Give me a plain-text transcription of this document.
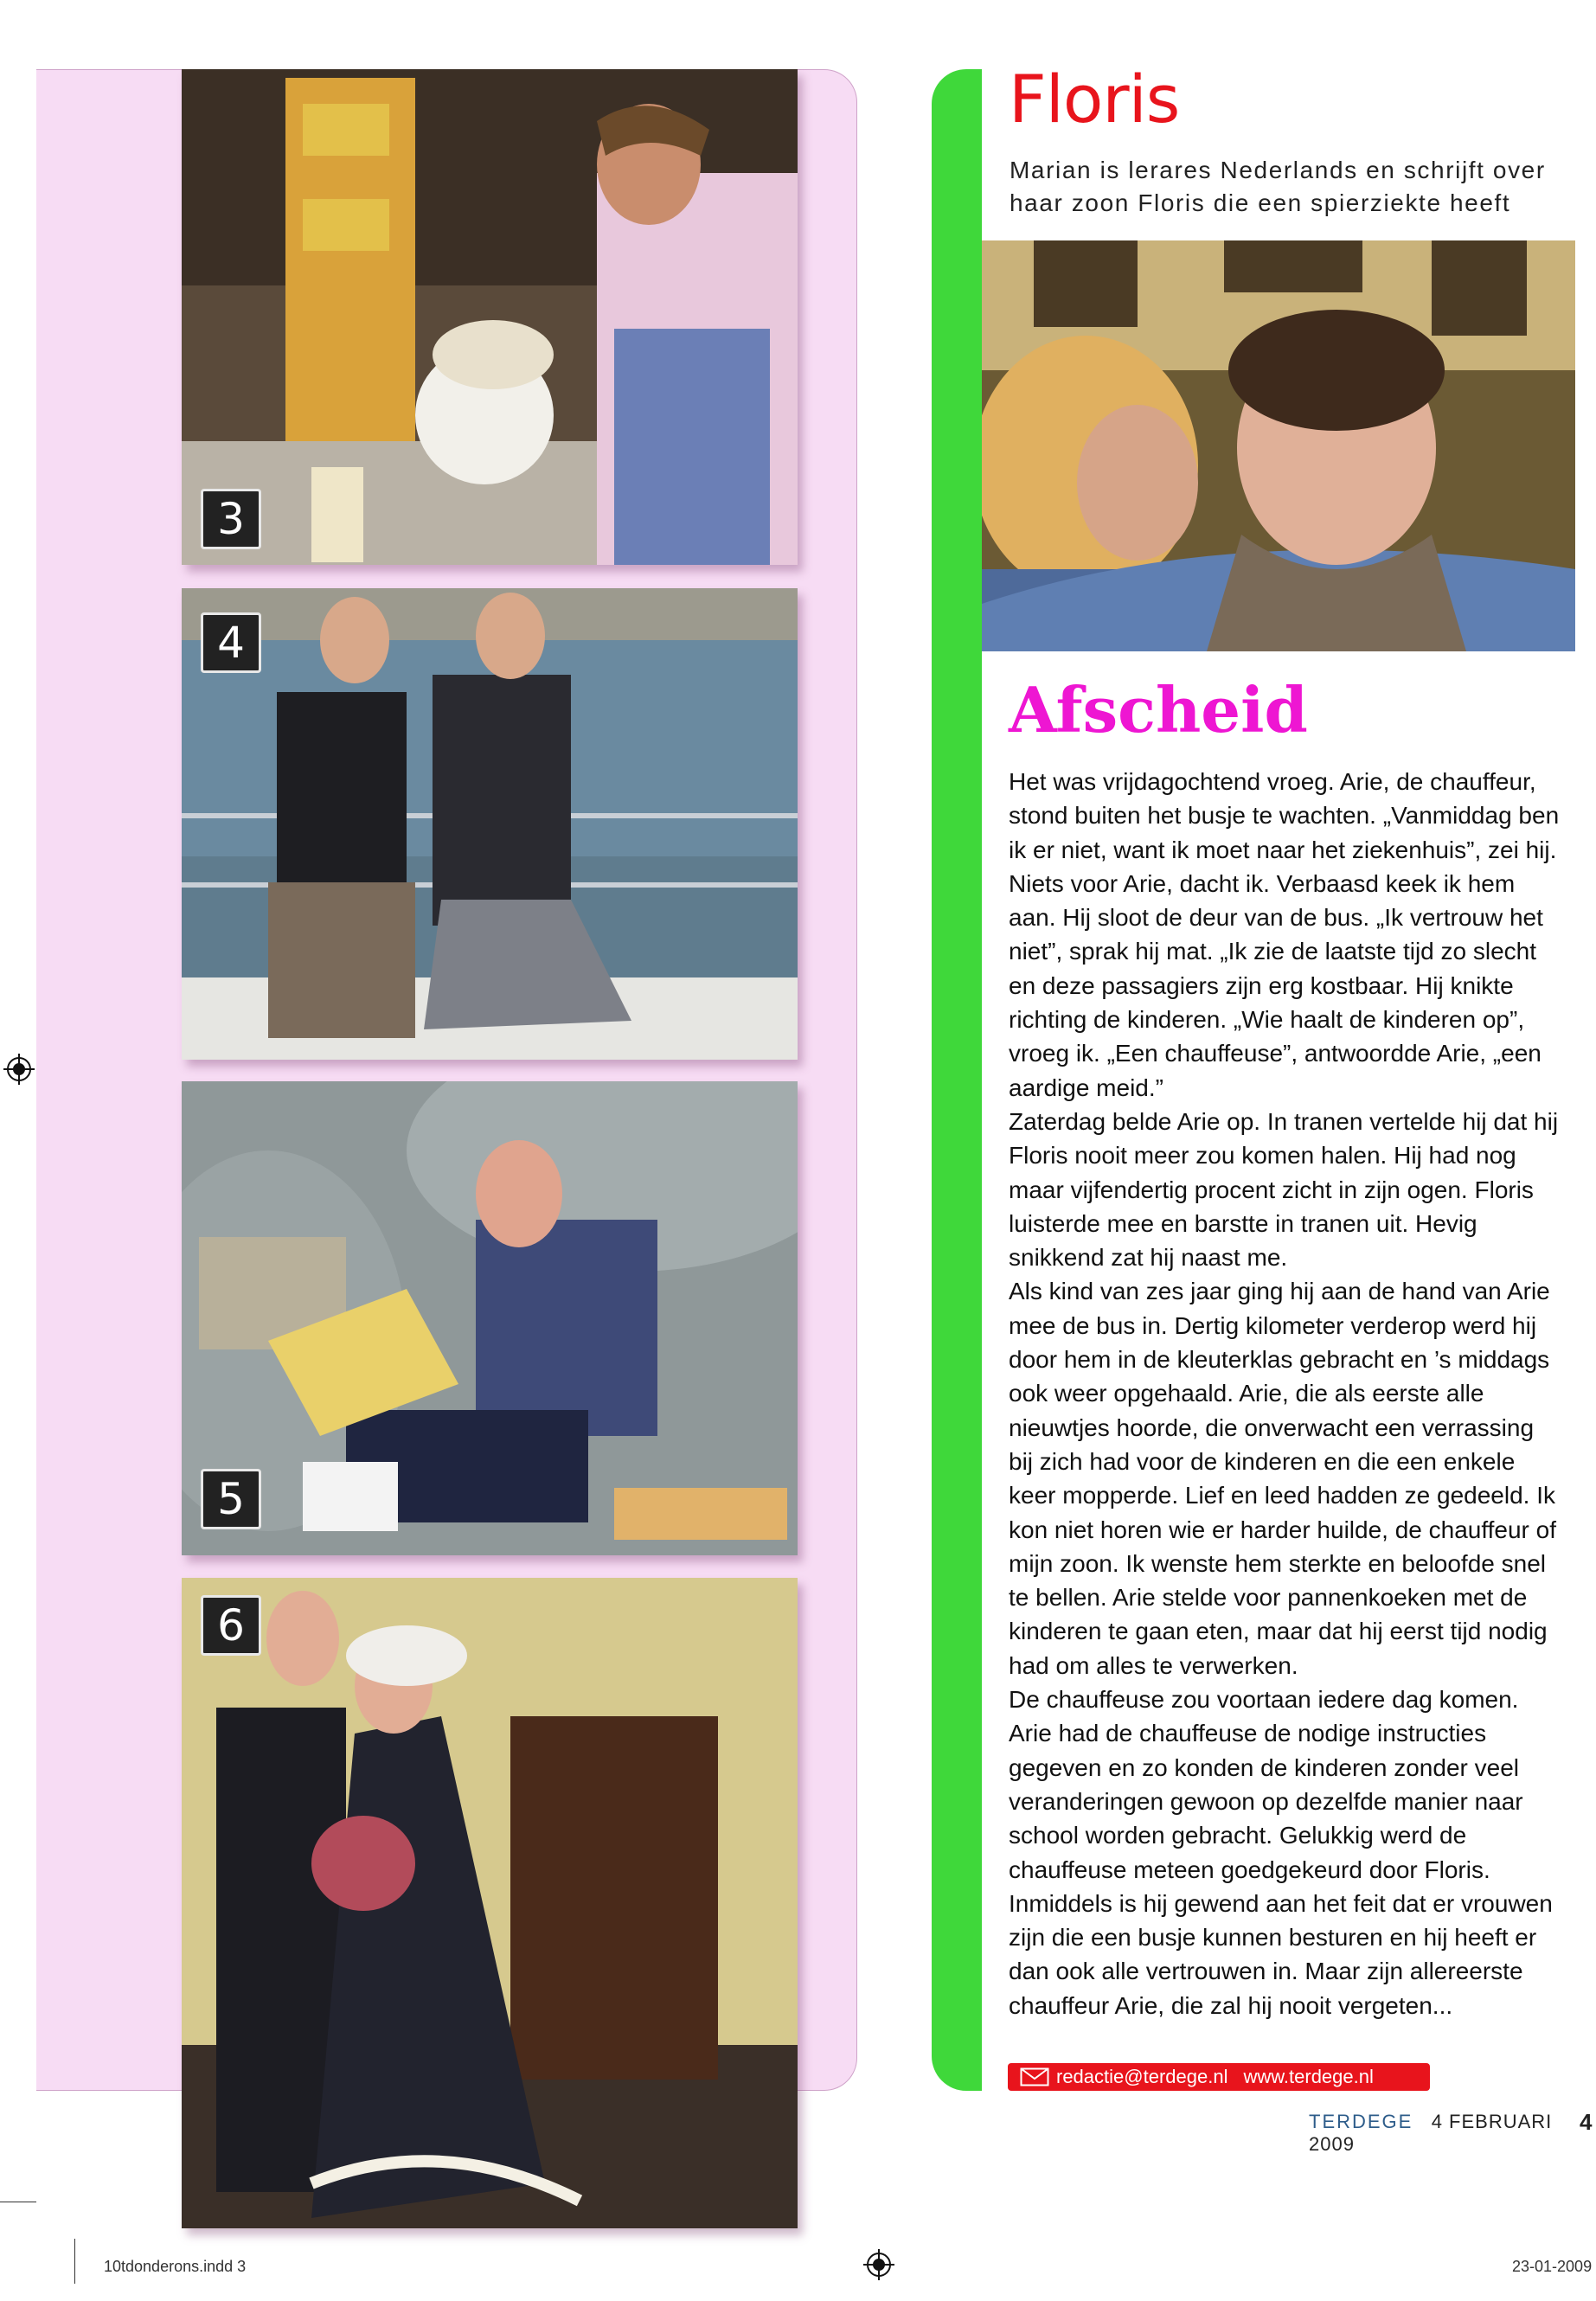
3
4
5
6
Floris

Marian is lerares Nederlands en schrijft over haar zoon Floris die een spierziekte heeft

Afscheid

Het was vrijdagochtend vroeg. Arie, de chauffeur, stond buiten het busje te wachten. „Vanmiddag ben ik er niet, want ik moet naar het ziekenhuis”, zei hij. Niets voor Arie, dacht ik. Verbaasd keek ik hem aan. Hij sloot de deur van de bus. „Ik vertrouw het niet”, sprak hij mat. „Ik zie de laatste tijd zo slecht en deze passagiers zijn erg kostbaar. Hij knikte richting de kinderen. „Wie haalt de kinderen op”, vroeg ik. „Een chauffeuse”, antwoordde Arie, „een aardige meid.”

Zaterdag belde Arie op. In tranen vertelde hij dat hij Floris nooit meer zou komen halen. Hij had nog maar vijfendertig procent zicht in zijn ogen. Floris luisterde mee en barstte in tranen uit. Hevig snikkend zat hij naast me.

Als kind van zes jaar ging hij aan de hand van Arie mee de bus in. Dertig kilometer verderop werd hij door hem in de kleuterklas gebracht en ’s middags ook weer opgehaald. Arie, die als eerste alle nieuwtjes hoorde, die onverwacht een verrassing bij zich had voor de kinderen en die een enkele keer mopperde. Lief en leed hadden ze gedeeld. Ik kon niet horen wie er harder huilde, de chauffeur of mijn zoon. Ik wenste hem sterkte en beloofde snel te bellen. Arie stelde voor pannenkoeken met de kinderen te gaan eten, maar dat hij eerst tijd nodig had om alles te verwerken.

De chauffeuse zou voortaan iedere dag komen. Arie had de chauffeuse de nodige instructies gegeven en zo konden de kinderen zonder veel veranderingen gewoon op dezelfde manier naar school worden gebracht. Gelukkig werd de chauffeuse meteen goedgekeurd door Floris.

Inmiddels is hij gewend aan het feit dat er vrouwen zijn die een busje kunnen besturen en hij heeft er dan ook alle vertrouwen in. Maar zijn allereerste chauffeur Arie, die zal hij nooit vergeten...

redactie@terdege.nl www.terdege.nl
TERDEGE 4 FEBRUARI 2009
4
10tdonderons.indd 3	23-01-2009
